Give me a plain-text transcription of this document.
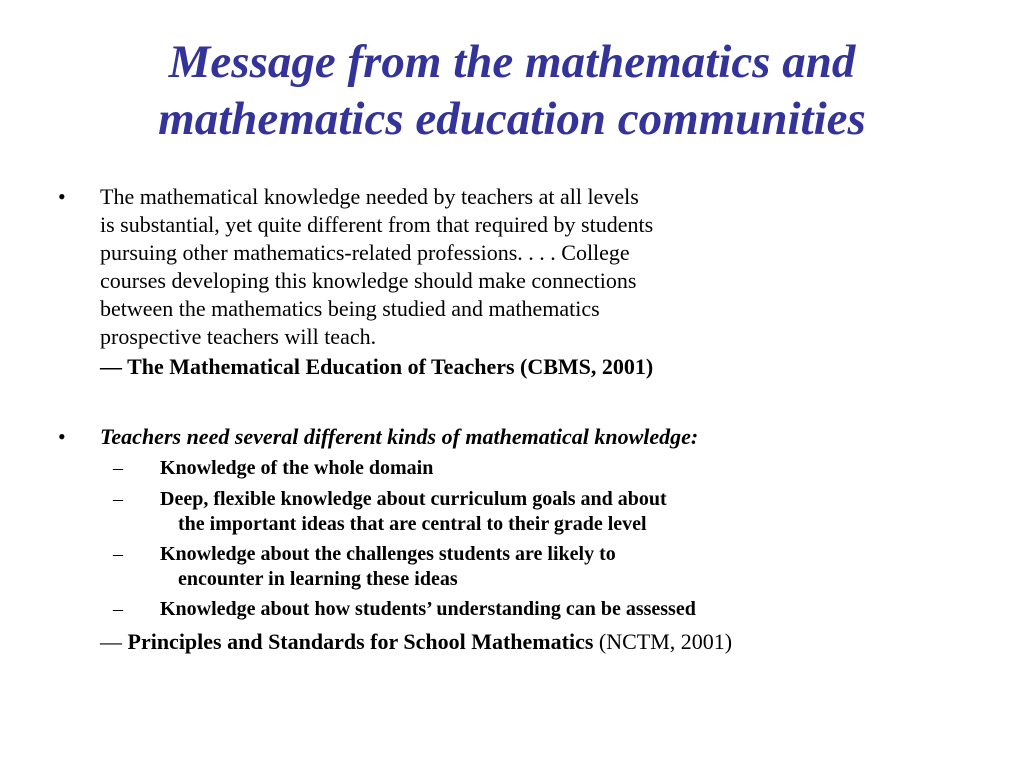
Message from the mathematics and
mathematics education communities
• The mathematical knowledge needed by teachers at all levels
is substantial, yet quite different from that required by students
pursuing other mathematics-related professions. . . . College
courses developing this knowledge should make connections
between the mathematics being studied and mathematics
prospective teachers will teach.
— The Mathematical Education of Teachers (CBMS, 2001)
• Teachers need several different kinds of mathematical knowledge:
– Knowledge of the whole domain
– Deep, flexible knowledge about curriculum goals and about
the important ideas that are central to their grade level
– Knowledge about the challenges students are likely to
encounter in learning these ideas
– Knowledge about how students’ understanding can be assessed
— Principles and Standards for School Mathematics (NCTM, 2001)
